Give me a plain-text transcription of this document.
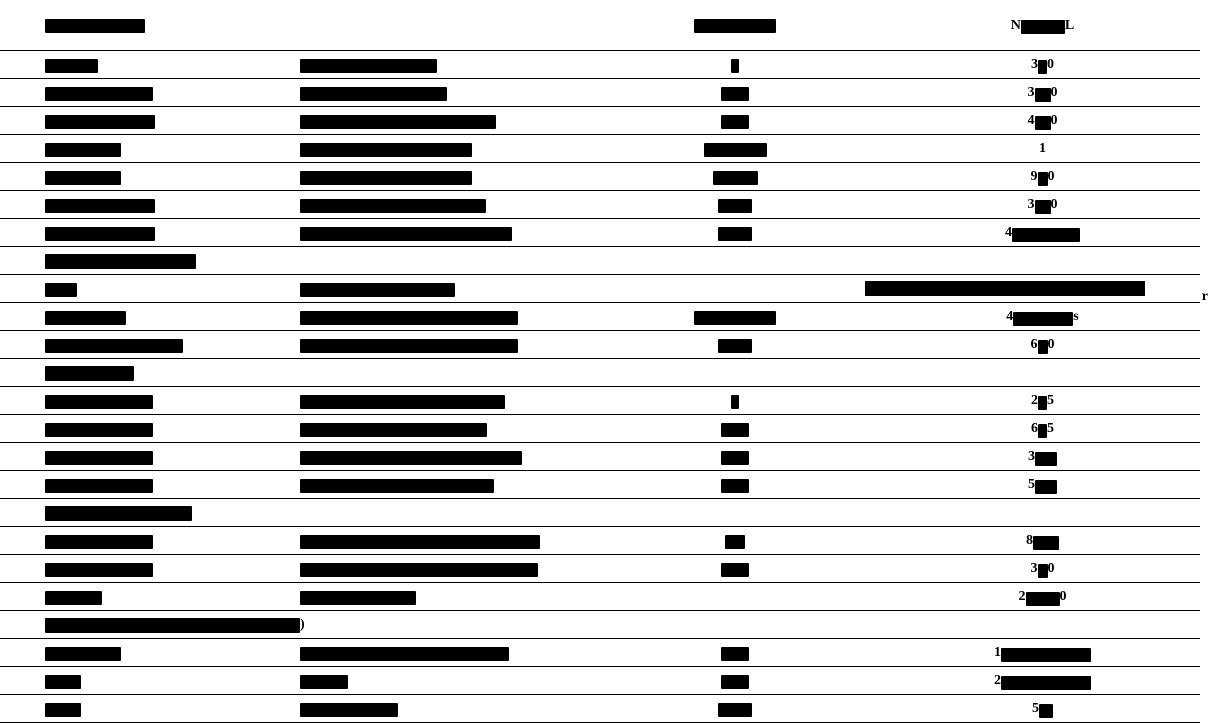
			N L
			3 0
			3 0
			4 0
			1
			9 0
			3 0
			4

			r

			4 s
			6 0

			2 5
			6 5
			3
			5

			8
			3 0
			2 0
)			
			1
			2
			5
